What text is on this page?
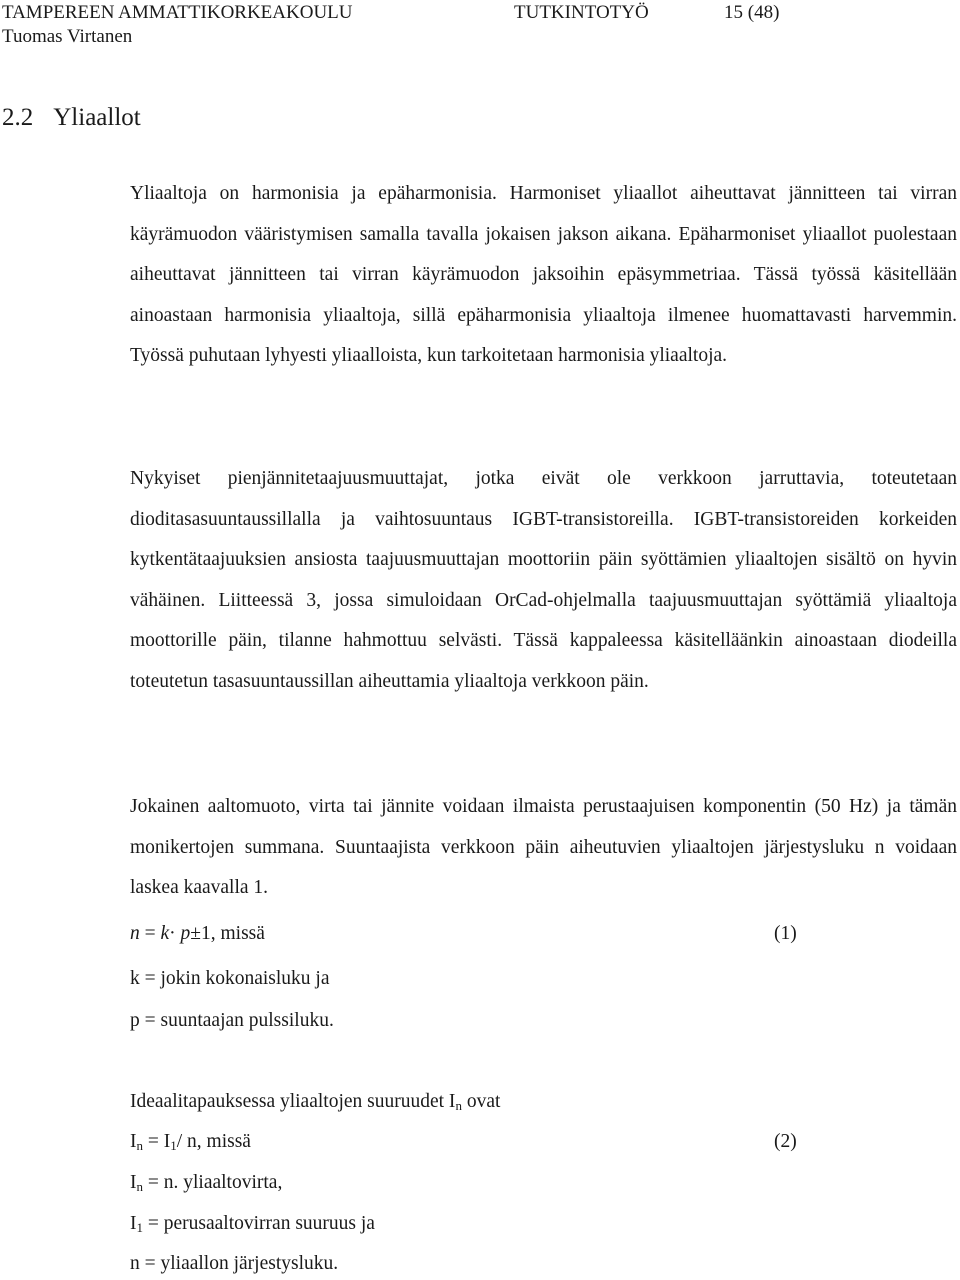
TAMPEREEN AMMATTIKORKEAKOULU	TUTKINTOTYÖ	15 (48)
Tuomas Virtanen
2.2 Yliaallot
Yliaaltoja on harmonisia ja epäharmonisia. Harmoniset yliaallot aiheuttavat jännitteen tai virran käyrämuodon vääristymisen samalla tavalla jokaisen jakson aikana. Epäharmoniset yliaallot puolestaan aiheuttavat jännitteen tai virran käyrämuodon jaksoihin epäsymmetriaa. Tässä työssä käsitellään ainoastaan harmonisia yliaaltoja, sillä epäharmonisia yliaaltoja ilmenee huomattavasti harvemmin. Työssä puhutaan lyhyesti yliaalloista, kun tarkoitetaan harmonisia yliaaltoja.
Nykyiset pienjännitetaajuusmuuttajat, jotka eivät ole verkkoon jarruttavia, toteutetaan dioditasasuuntaussillalla ja vaihtosuuntaus IGBT-transistoreilla. IGBT-transistoreiden korkeiden kytkentätaajuuksien ansiosta taajuusmuuttajan moottoriin päin syöttämien yliaaltojen sisältö on hyvin vähäinen. Liitteessä 3, jossa simuloidaan OrCad-ohjelmalla taajuusmuuttajan syöttämiä yliaaltoja moottorille päin, tilanne hahmottuu selvästi. Tässä kappaleessa käsitelläänkin ainoastaan diodeilla toteutetun tasasuuntaussillan aiheuttamia yliaaltoja verkkoon päin.
Jokainen aaltomuoto, virta tai jännite voidaan ilmaista perustaajuisen komponentin (50 Hz) ja tämän monikertojen summana. Suuntaajista verkkoon päin aiheutuvien yliaaltojen järjestysluku n voidaan laskea kaavalla 1.
n = k· p±1, missä	(1)
k = jokin kokonaisluku ja
p = suuntaajan pulssiluku.
Ideaalitapauksessa yliaaltojen suuruudet $I_n$ ovat
$I_n = I_1/$ n, missä	(2)
$I_n = n$. yliaaltovirta,
$I_1$ = perusaaltovirran suuruus ja
n = yliaallon järjestysluku.
